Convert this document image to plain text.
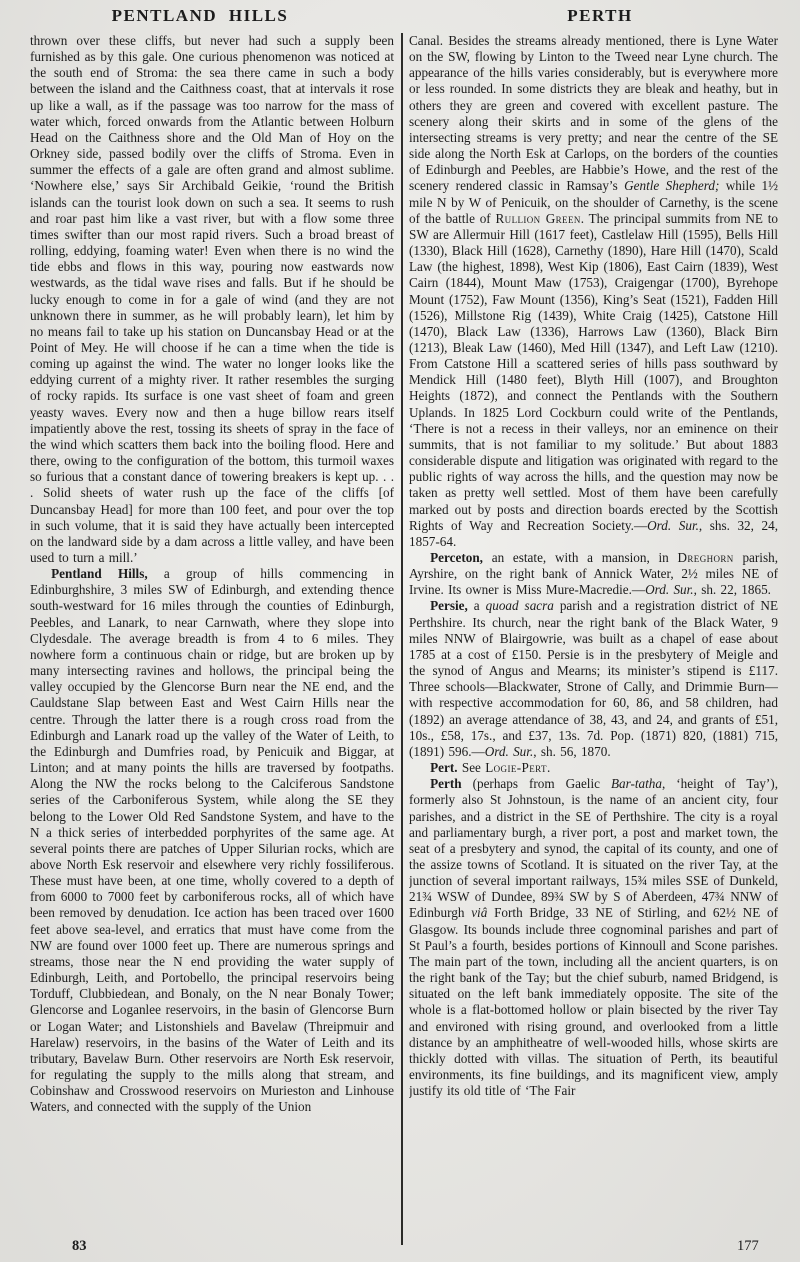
PENTLAND HILLS	PERTH

thrown over these cliffs, but never had such a supply been furnished as by this gale. One curious phenomenon was noticed at the south end of Stroma: the sea there came in such a body between the island and the Caithness coast, that at intervals it rose up like a wall, as if the passage was too narrow for the mass of water which, forced onwards from the Atlantic between Holburn Head on the Caithness shore and the Old Man of Hoy on the Orkney side, passed bodily over the cliffs of Stroma. Even in summer the effects of a gale are often grand and almost sublime. ‘Nowhere else,’ says Sir Archibald Geikie, ‘round the British islands can the tourist look down on such a sea. It seems to rush and roar past him like a vast river, but with a flow some three times swifter than our most rapid rivers. Such a broad breast of rolling, eddying, foaming water! Even when there is no wind the tide ebbs and flows in this way, pouring now eastwards now westwards, as the tidal wave rises and falls. But if he should be lucky enough to come in for a gale of wind (and they are not unknown there in summer, as he will probably learn), let him by no means fail to take up his station on Duncansbay Head or at the Point of Mey. He will choose if he can a time when the tide is coming up against the wind. The water no longer looks like the eddying current of a mighty river. It rather resembles the surging of rocky rapids. Its surface is one vast sheet of foam and green yeasty waves. Every now and then a huge billow rears itself impatiently above the rest, tossing its sheets of spray in the face of the wind which scatters them back into the boiling flood. Here and there, owing to the configuration of the bottom, this turmoil waxes so furious that a constant dance of towering breakers is kept up. . . . Solid sheets of water rush up the face of the cliffs [of Duncansbay Head] for more than 100 feet, and pour over the top in such volume, that it is said they have actually been intercepted on the landward side by a dam across a little valley, and have been used to turn a mill.’

Pentland Hills, a group of hills commencing in Edinburghshire, 3 miles SW of Edinburgh, and extending thence south-westward for 16 miles through the counties of Edinburgh, Peebles, and Lanark, to near Carnwath, where they slope into Clydesdale. The average breadth is from 4 to 6 miles. They nowhere form a continuous chain or ridge, but are broken up by many intersecting ravines and hollows, the principal being the valley occupied by the Glencorse Burn near the NE end, and the Cauldstane Slap between East and West Cairn Hills near the centre. Through the latter there is a rough cross road from the Edinburgh and Lanark road up the valley of the Water of Leith, to the Edinburgh and Dumfries road, by Penicuik and Biggar, at Linton; and at many points the hills are traversed by footpaths. Along the NW the rocks belong to the Calciferous Sandstone series of the Carboniferous System, while along the SE they belong to the Lower Old Red Sandstone System, and have to the N a thick series of interbedded porphyrites of the same age. At several points there are patches of Upper Silurian rocks, which are above North Esk reservoir and elsewhere very richly fossiliferous. These must have been, at one time, wholly covered to a depth of from 6000 to 7000 feet by carboniferous rocks, all of which have been removed by denudation. Ice action has been traced over 1600 feet above sea-level, and erratics that must have come from the NW are found over 1000 feet up. There are numerous springs and streams, those near the N end providing the water supply of Edinburgh, Leith, and Portobello, the principal reservoirs being Torduff, Clubbiedean, and Bonaly, on the N near Bonaly Tower; Glencorse and Loganlee reservoirs, in the basin of Glencorse Burn or Logan Water; and Listonshiels and Bavelaw (Threipmuir and Harelaw) reservoirs, in the basins of the Water of Leith and its tributary, Bavelaw Burn. Other reservoirs are North Esk reservoir, for regulating the supply to the mills along that stream, and Cobinshaw and Crosswood reservoirs on Murieston and Linhouse Waters, and connected with the supply of the Union

Canal. Besides the streams already mentioned, there is Lyne Water on the SW, flowing by Linton to the Tweed near Lyne church. The appearance of the hills varies considerably, but is everywhere more or less rounded. In some districts they are bleak and heathy, but in others they are green and covered with excellent pasture. The scenery along their skirts and in some of the glens of the intersecting streams is very pretty; and near the centre of the SE side along the North Esk at Carlops, on the borders of the counties of Edinburgh and Peebles, are Habbie’s Howe, and the rest of the scenery rendered classic in Ramsay’s Gentle Shepherd; while 1½ mile N by W of Penicuik, on the shoulder of Carnethy, is the scene of the battle of Rullion Green. The principal summits from NE to SW are Allermuir Hill (1617 feet), Castlelaw Hill (1595), Bells Hill (1330), Black Hill (1628), Carnethy (1890), Hare Hill (1470), Scald Law (the highest, 1898), West Kip (1806), East Cairn (1839), West Cairn (1844), Mount Maw (1753), Craigengar (1700), Byrehope Mount (1752), Faw Mount (1356), King’s Seat (1521), Fadden Hill (1526), Millstone Rig (1439), White Craig (1425), Catstone Hill (1470), Black Law (1336), Harrows Law (1360), Black Birn (1213), Bleak Law (1460), Med Hill (1347), and Left Law (1210). From Catstone Hill a scattered series of hills pass southward by Mendick Hill (1480 feet), Blyth Hill (1007), and Broughton Heights (1872), and connect the Pentlands with the Southern Uplands. In 1825 Lord Cockburn could write of the Pentlands, ‘There is not a recess in their valleys, nor an eminence on their summits, that is not familiar to my solitude.’ But about 1883 considerable dispute and litigation was originated with regard to the public rights of way across the hills, and the question may now be taken as pretty well settled. Most of them have been carefully marked out by posts and direction boards erected by the Scottish Rights of Way and Recreation Society.—Ord. Sur., shs. 32, 24, 1857-64.

Perceton, an estate, with a mansion, in Dreghorn parish, Ayrshire, on the right bank of Annick Water, 2½ miles NE of Irvine. Its owner is Miss Mure-Macredie.—Ord. Sur., sh. 22, 1865.

Persie, a quoad sacra parish and a registration district of NE Perthshire. Its church, near the right bank of the Black Water, 9 miles NNW of Blairgowrie, was built as a chapel of ease about 1785 at a cost of £150. Persie is in the presbytery of Meigle and the synod of Angus and Mearns; its minister’s stipend is £117. Three schools—Blackwater, Strone of Cally, and Drimmie Burn—with respective accommodation for 60, 86, and 58 children, had (1892) an average attendance of 38, 43, and 24, and grants of £51, 10s., £58, 17s., and £37, 13s. 7d. Pop. (1871) 820, (1881) 715, (1891) 596.—Ord. Sur., sh. 56, 1870.

Pert. See Logie-Pert.

Perth (perhaps from Gaelic Bar-tatha, ‘height of Tay’), formerly also St Johnstoun, is the name of an ancient city, four parishes, and a district in the SE of Perthshire. The city is a royal and parliamentary burgh, a river port, a post and market town, the seat of a presbytery and synod, the capital of its county, and one of the assize towns of Scotland. It is situated on the river Tay, at the junction of several important railways, 15¾ miles SSE of Dunkeld, 21¾ WSW of Dundee, 89¾ SW by S of Aberdeen, 47¾ NNW of Edinburgh viâ Forth Bridge, 33 NE of Stirling, and 62½ NE of Glasgow. Its bounds include three cognominal parishes and part of St Paul’s a fourth, besides portions of Kinnoull and Scone parishes. The main part of the town, including all the ancient quarters, is on the right bank of the Tay; but the chief suburb, named Bridgend, is situated on the left bank immediately opposite. The site of the whole is a flat-bottomed hollow or plain bisected by the river Tay and environed with rising ground, and overlooked from a little distance by an amphitheatre of well-wooded hills, whose skirts are thickly dotted with villas. The situation of Perth, its beautiful environments, its fine buildings, and its magnificent view, amply justify its old title of ‘The Fair

83	177
